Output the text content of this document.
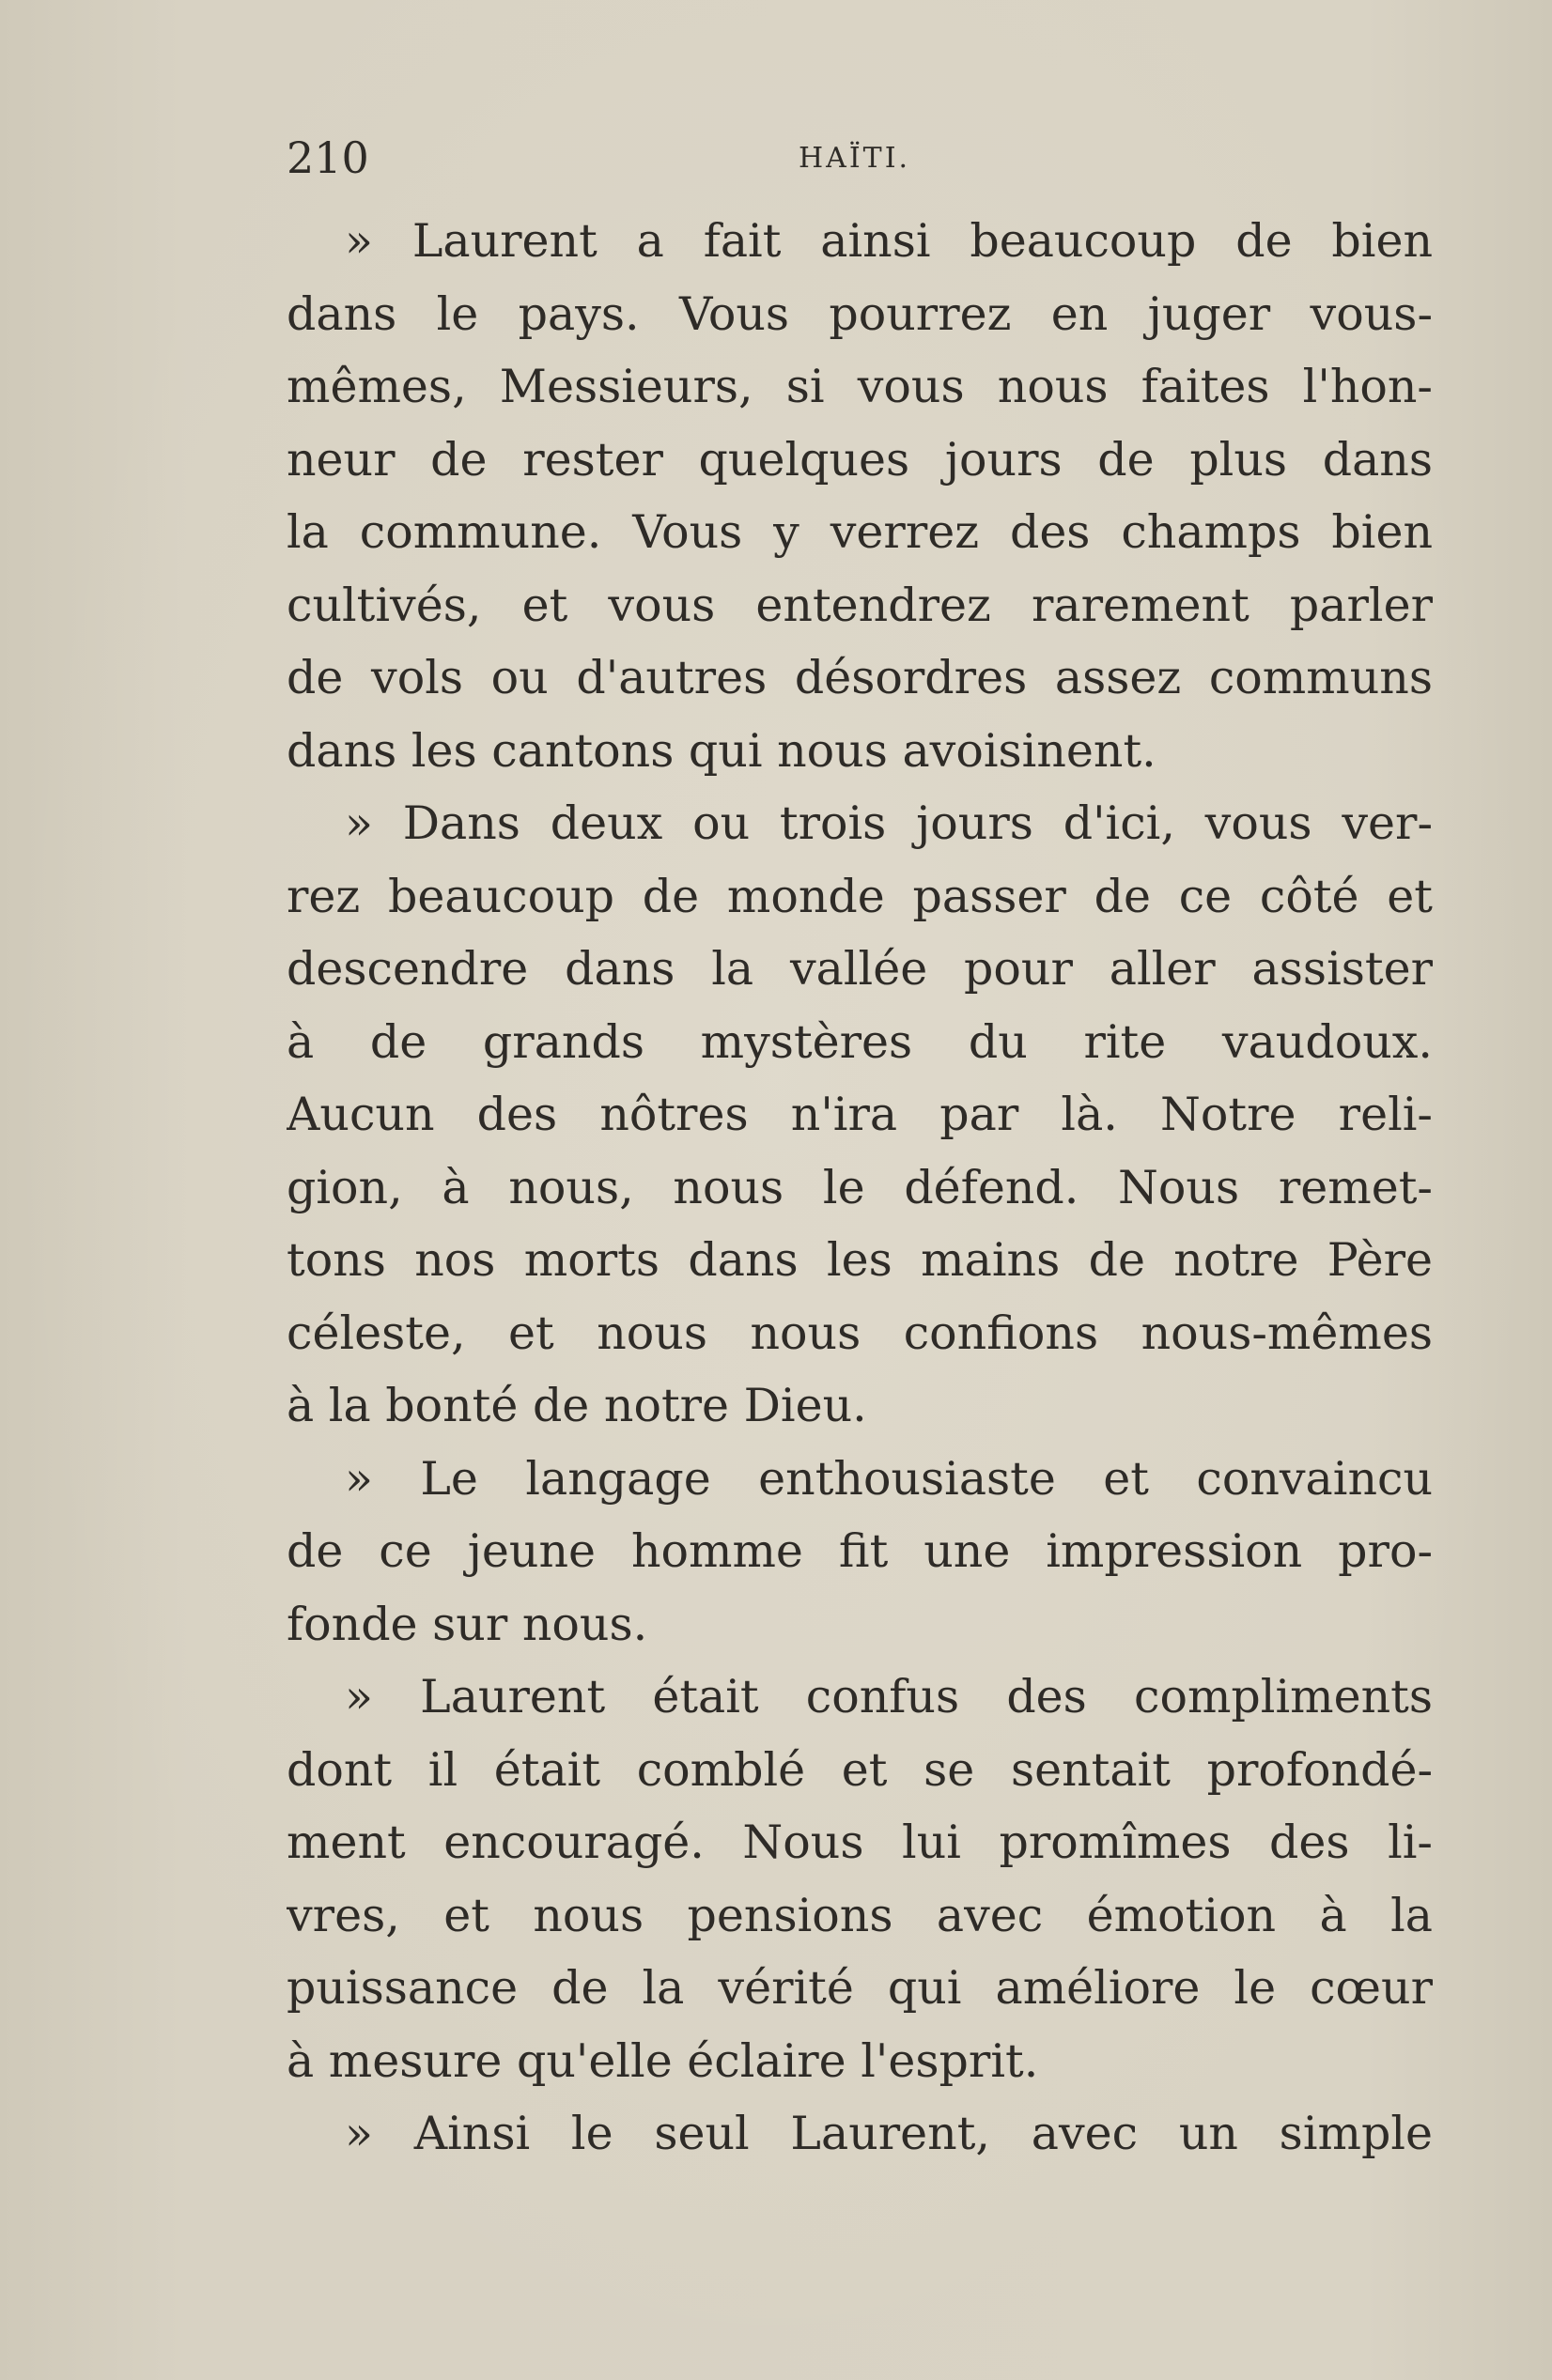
210	HAÏTI.
» Laurent a fait ainsi beaucoup de bien
dans le pays. Vous pourrez en juger vous-
mêmes, Messieurs, si vous nous faites l'hon-
neur de rester quelques jours de plus dans
la commune. Vous y verrez des champs bien
cultivés, et vous entendrez rarement parler
de vols ou d'autres désordres assez communs
dans les cantons qui nous avoisinent.
» Dans deux ou trois jours d'ici, vous ver-
rez beaucoup de monde passer de ce côté et
descendre dans la vallée pour aller assister
à de grands mystères du rite vaudoux.
Aucun des nôtres n'ira par là. Notre reli-
gion, à nous, nous le défend. Nous remet-
tons nos morts dans les mains de notre Père
céleste, et nous nous confions nous-mêmes
à la bonté de notre Dieu.
» Le langage enthousiaste et convaincu
de ce jeune homme fit une impression pro-
fonde sur nous.
» Laurent était confus des compliments
dont il était comblé et se sentait profondé-
ment encouragé. Nous lui promîmes des li-
vres, et nous pensions avec émotion à la
puissance de la vérité qui améliore le cœur
à mesure qu'elle éclaire l'esprit.
» Ainsi le seul Laurent, avec un simple
